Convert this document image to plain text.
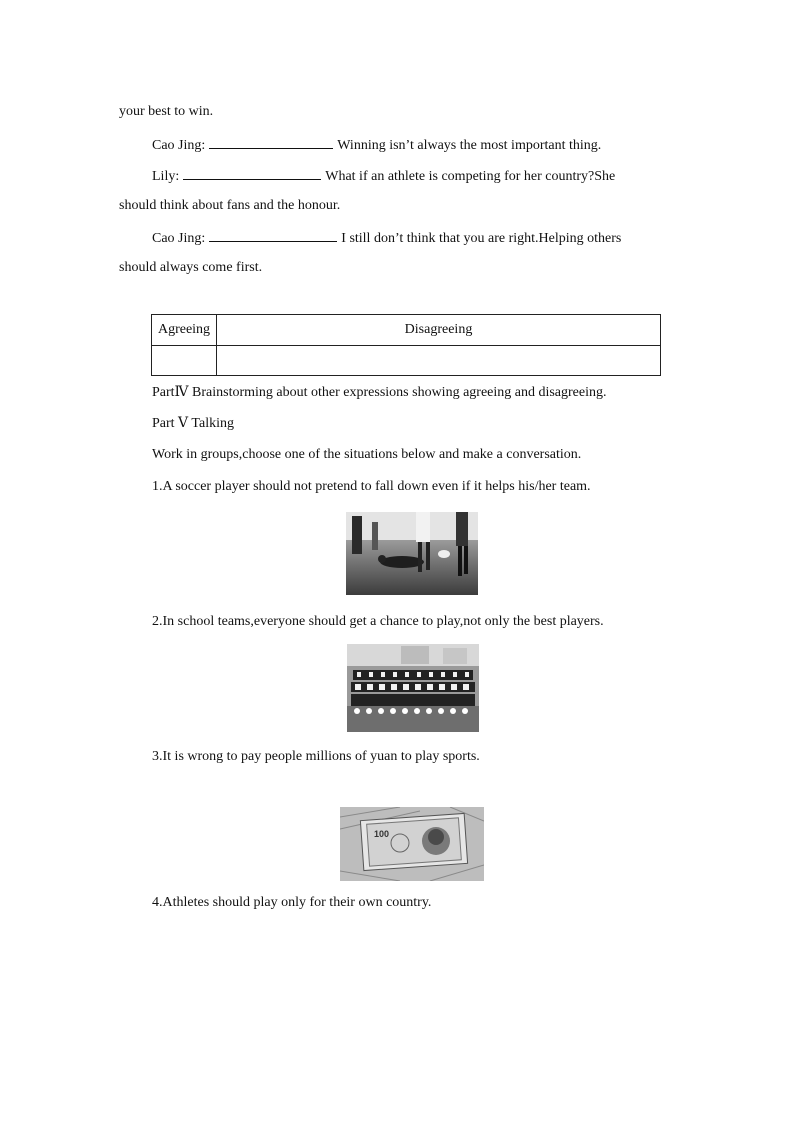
your best to win.
Cao Jing:	Winning isn’t always the most important thing.
Lily:	What if an athlete is competing for her country?She
should think about fans and the honour.
Cao Jing:	I still don’t think that you are right.Helping others
should always come first.
Agreeing	Disagreeing

PartⅣ Brainstorming about other expressions showing agreeing and disagreeing.
Part Ⅴ Talking
Work in groups,choose one of the situations below and make a conversation.
1.A soccer player should not pretend to fall down even if it helps his/her team.
2.In school teams,everyone should get a chance to play,not only the best players.
3.It is wrong to pay people millions of yuan to play sports.
100
4.Athletes should play only for their own country.
